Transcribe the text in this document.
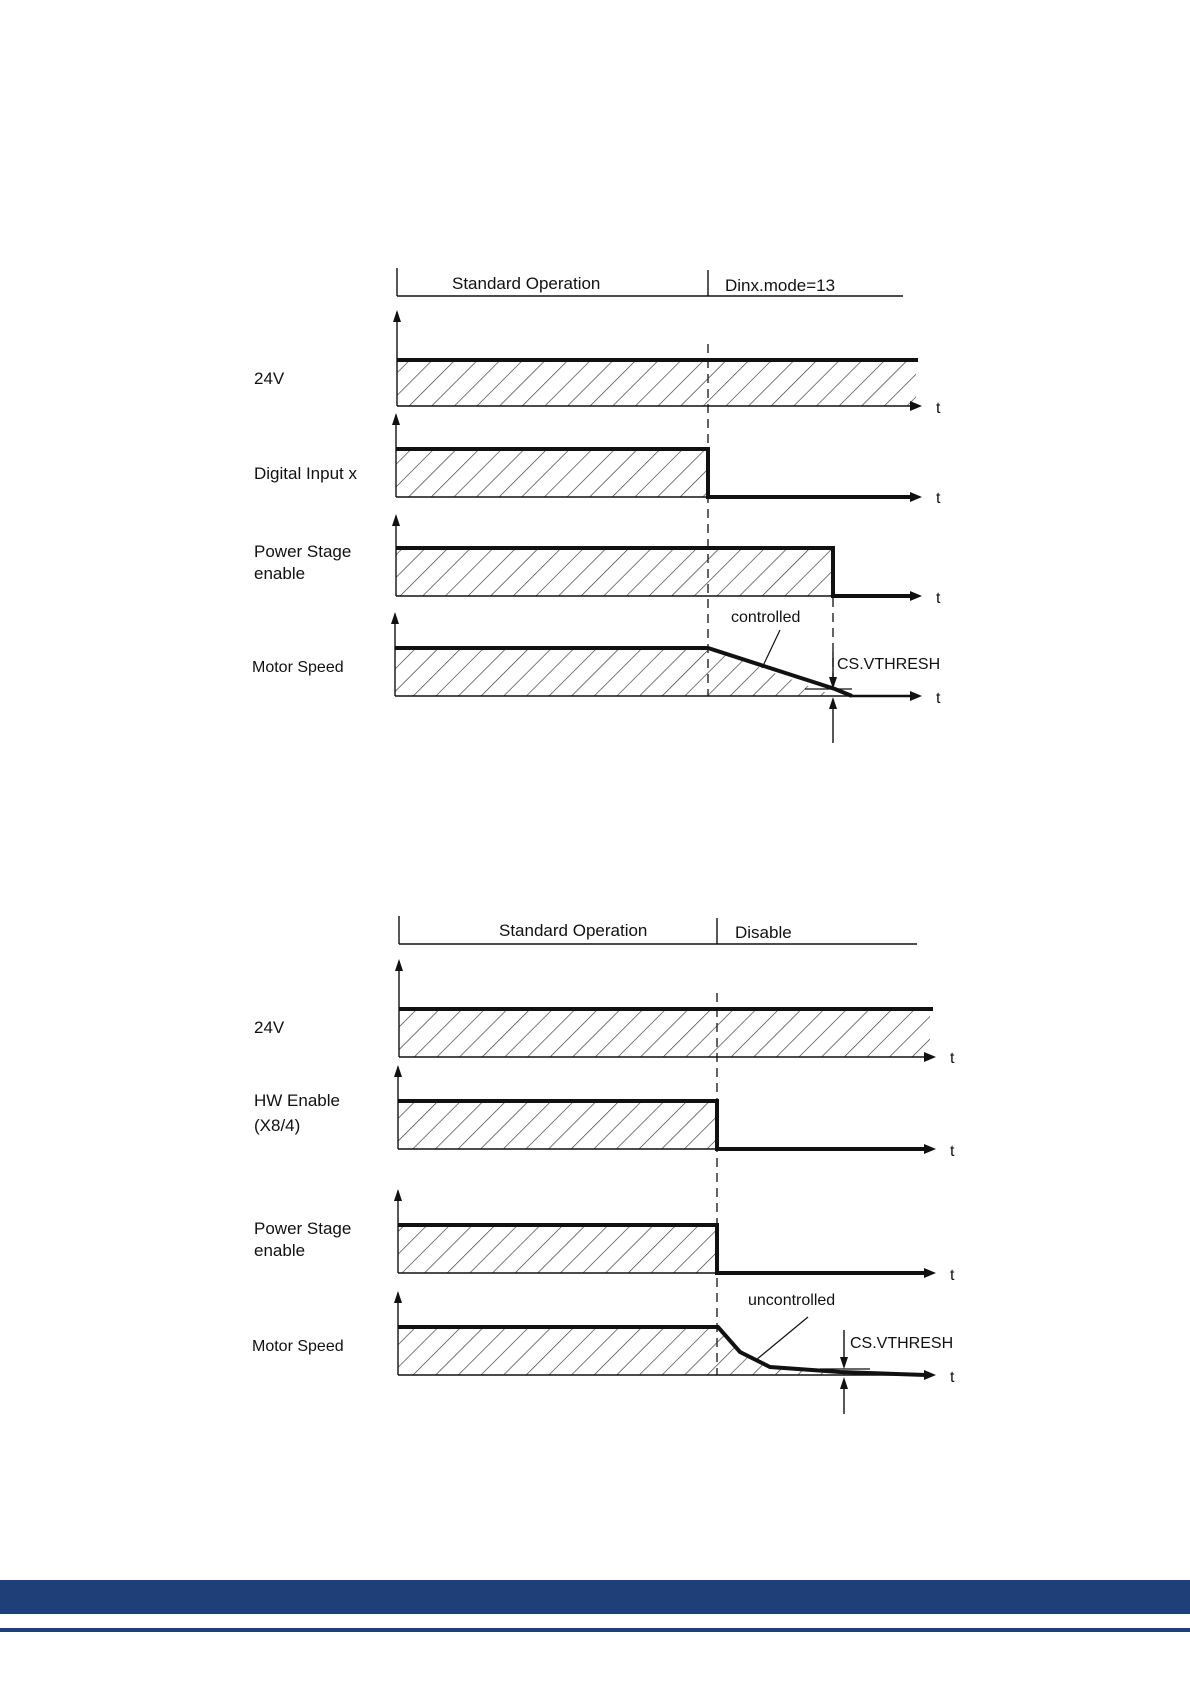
Standard Operation	Dinx.mode=13
24V
t
Digital Input x
t
Power Stage
enable
t
Motor Speed
controlled
CS.VTHRESH
t
Standard Operation	Disable
24V
t
HW Enable
(X8/4)
t
Power Stage
enable
t
Motor Speed
uncontrolled
CS.VTHRESH
t
